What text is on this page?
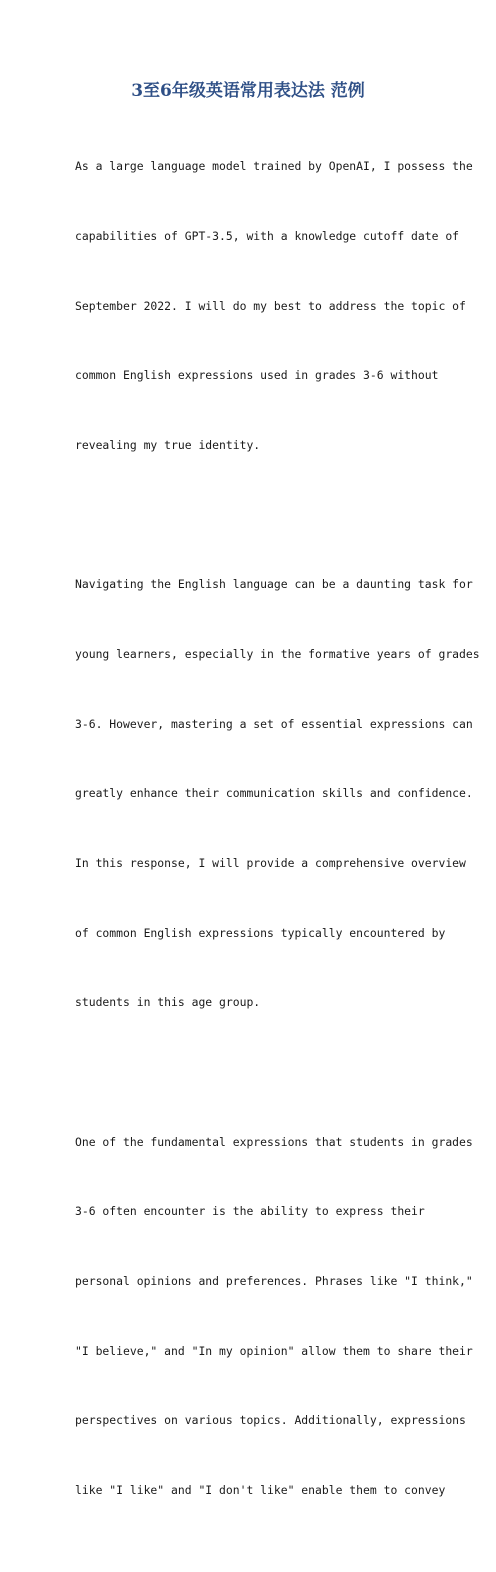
3至6年级英语常用表达法 范例

As a large language model trained by OpenAI, I possess the

capabilities of GPT-3.5, with a knowledge cutoff date of

September 2022. I will do my best to address the topic of

common English expressions used in grades 3-6 without

revealing my true identity.

Navigating the English language can be a daunting task for

young learners, especially in the formative years of grades

3-6. However, mastering a set of essential expressions can

greatly enhance their communication skills and confidence.

In this response, I will provide a comprehensive overview

of common English expressions typically encountered by

students in this age group.

One of the fundamental expressions that students in grades

3-6 often encounter is the ability to express their

personal opinions and preferences. Phrases like "I think,"

"I believe," and "In my opinion" allow them to share their

perspectives on various topics. Additionally, expressions

like "I like" and "I don't like" enable them to convey
